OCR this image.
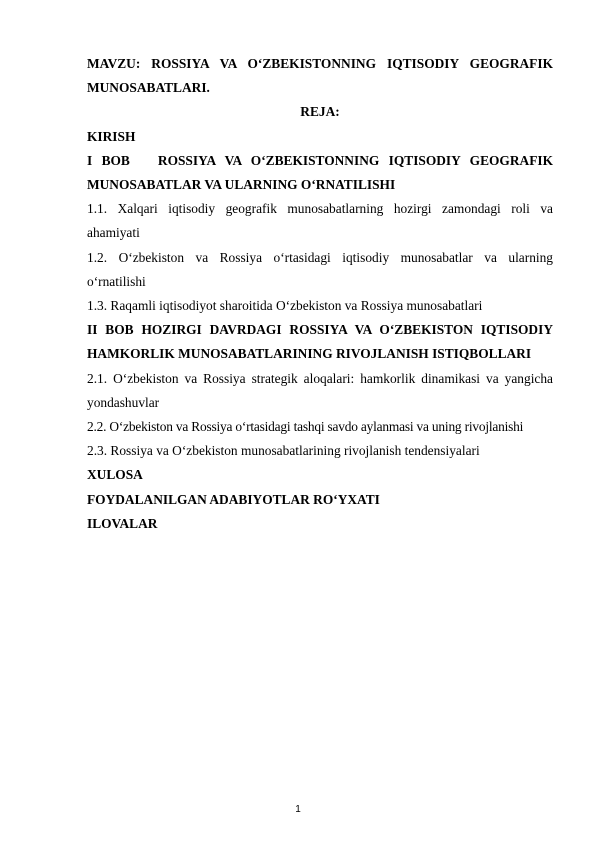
MAVZU: ROSSIYA VA O‘ZBEKISTONNING IQTISODIY GEOGRAFIK

MUNOSABATLARI.

REJA:

KIRISH

I BOB   ROSSIYA VA O‘ZBEKISTONNING IQTISODIY GEOGRAFIK

MUNOSABATLAR VA ULARNING O‘RNATILISHI

1.1. Xalqari iqtisodiy geografik munosabatlarning hozirgi zamondagi roli va

ahamiyati

1.2. O‘zbekiston va Rossiya o‘rtasidagi iqtisodiy munosabatlar va ularning

o‘rnatilishi

1.3. Raqamli iqtisodiyot sharoitida O‘zbekiston va Rossiya munosabatlari

II BOB HOZIRGI DAVRDAGI ROSSIYA VA O‘ZBEKISTON IQTISODIY

HAMKORLIK MUNOSABATLARINING RIVOJLANISH ISTIQBOLLARI

2.1. O‘zbekiston va Rossiya strategik aloqalari: hamkorlik dinamikasi va yangicha

yondashuvlar

2.2. O‘zbekiston va Rossiya o‘rtasidagi tashqi savdo aylanmasi va uning rivojlanishi

2.3. Rossiya va O‘zbekiston munosabatlarining rivojlanish tendensiyalari

XULOSA

FOYDALANILGAN ADABIYOTLAR RO‘YXATI

ILOVALAR

1
